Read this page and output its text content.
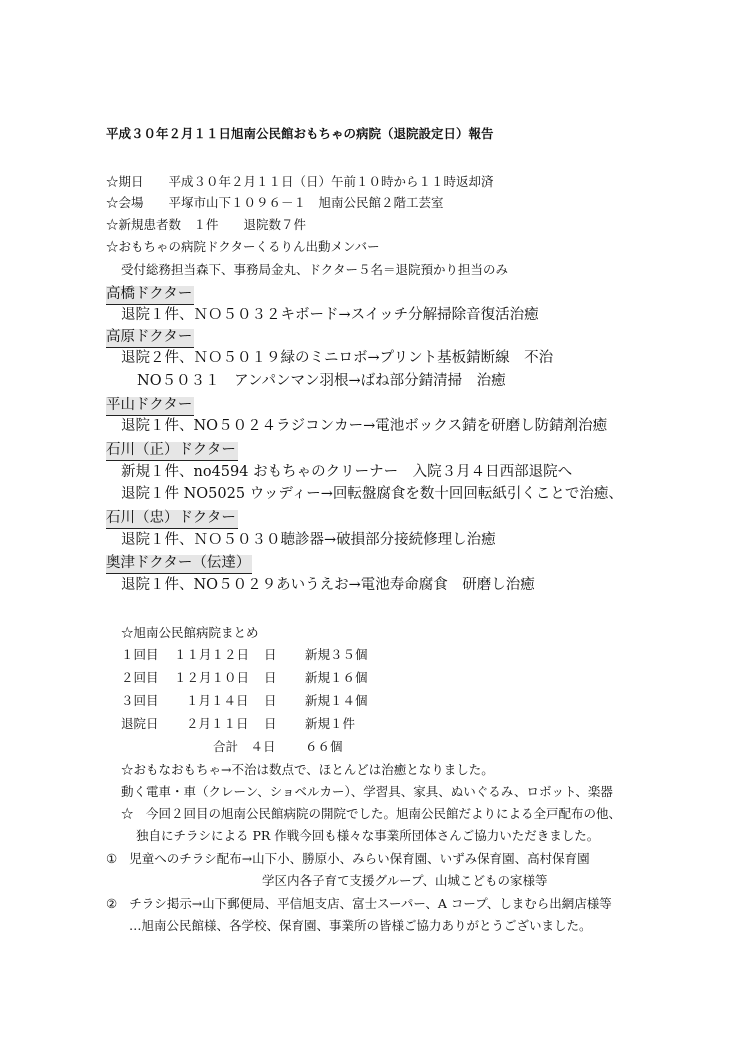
平成３０年２月１１日旭南公民館おもちゃの病院（退院設定日）報告
☆期日　　平成３０年２月１１日（日）午前１０時から１１時返却済
☆会場　　平塚市山下１０９６－１　旭南公民館２階工芸室
☆新規患者数　１件　　退院数７件
☆おもちゃの病院ドクターくるりん出動メンバー
受付総務担当森下、事務局金丸、ドクター５名＝退院預かり担当のみ
高橋ドクター
退院１件、ＮＯ５０３２キボード→スイッチ分解掃除音復活治癒
高原ドクター
退院２件、ＮＯ５０１９緑のミニロボ→プリント基板錆断線　不治
NO５０３１　アンパンマン羽根→ばね部分錆清掃　治癒
平山ドクター
退院１件、NO５０２４ラジコンカー→電池ボックス錆を研磨し防錆剤治癒
石川（正）ドクター
新規１件、no4594 おもちゃのクリーナー　入院３月４日西部退院へ
退院１件 NO5025 ウッディー→回転盤腐食を数十回回転紙引くことで治癒、
石川（忠）ドクター
退院１件、ＮＯ５０３０聴診器→破損部分接続修理し治癒
奥津ドクター（伝達）
退院１件、NO５０２９あいうえお→電池寿命腐食　研磨し治癒
☆旭南公民館病院まとめ
１回目 １１月１２日 日 新規３５個
２回目 １２月１０日 日 新規１６個
３回目 １月１４日 日 新規１４個
退院日 ２月１１日 日 新規１件
合計　４日 ６６個
☆おもなおもちゃ→不治は数点で、ほとんどは治癒となりました。
動く電車・車（クレーン、ショベルカー）、学習具、家具、ぬいぐるみ、ロボット、楽器
☆　今回２回目の旭南公民館病院の開院でした。旭南公民館だよりによる全戸配布の他、
独自にチラシによる PR 作戦今回も様々な事業所団体さんご協力いただきました。
① 児童へのチラシ配布→山下小、勝原小、みらい保育園、いずみ保育園、高村保育園
学区内各子育て支援グループ、山城こどもの家様等
② チラシ掲示→山下郵便局、平信旭支店、富士スーパー、A コープ、しまむら出網店様等
…旭南公民館様、各学校、保育園、事業所の皆様ご協力ありがとうございました。
